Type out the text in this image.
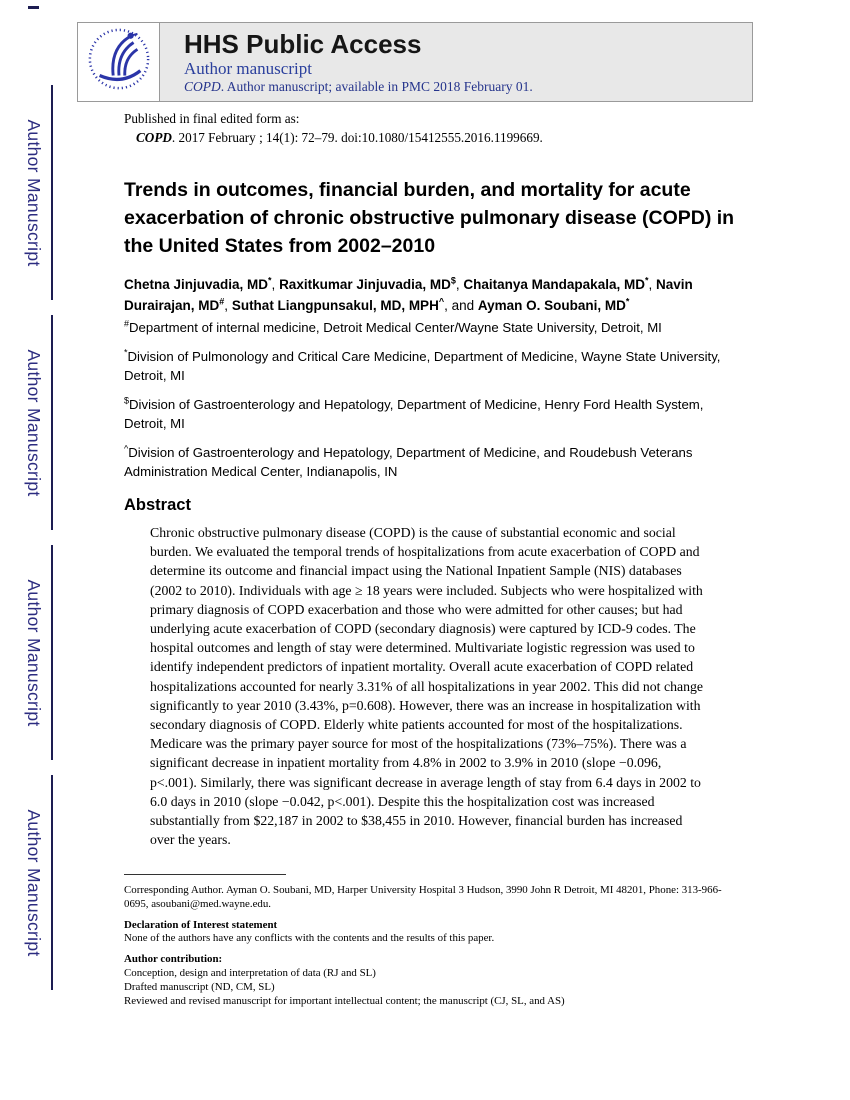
Author Manuscript
Author Manuscript
Author Manuscript
Author Manuscript
HHS Public Access
Author manuscript
COPD. Author manuscript; available in PMC 2018 February 01.
Published in final edited form as:
COPD. 2017 February ; 14(1): 72–79. doi:10.1080/15412555.2016.1199669.
Trends in outcomes, financial burden, and mortality for acute exacerbation of chronic obstructive pulmonary disease (COPD) in the United States from 2002–2010
Chetna Jinjuvadia, MD*, Raxitkumar Jinjuvadia, MD$, Chaitanya Mandapakala, MD*, Navin Durairajan, MD#, Suthat Liangpunsakul, MD, MPH^, and Ayman O. Soubani, MD*

#Department of internal medicine, Detroit Medical Center/Wayne State University, Detroit, MI

*Division of Pulmonology and Critical Care Medicine, Department of Medicine, Wayne State University, Detroit, MI

$Division of Gastroenterology and Hepatology, Department of Medicine, Henry Ford Health System, Detroit, MI

^Division of Gastroenterology and Hepatology, Department of Medicine, and Roudebush Veterans Administration Medical Center, Indianapolis, IN

Abstract
Chronic obstructive pulmonary disease (COPD) is the cause of substantial economic and social burden. We evaluated the temporal trends of hospitalizations from acute exacerbation of COPD and determine its outcome and financial impact using the National Inpatient Sample (NIS) databases (2002 to 2010). Individuals with age ≥ 18 years were included. Subjects who were hospitalized with primary diagnosis of COPD exacerbation and those who were admitted for other causes; but had underlying acute exacerbation of COPD (secondary diagnosis) were captured by ICD-9 codes. The hospital outcomes and length of stay were determined. Multivariate logistic regression was used to identify independent predictors of inpatient mortality. Overall acute exacerbation of COPD related hospitalizations accounted for nearly 3.31% of all hospitalizations in year 2002. This did not change significantly to year 2010 (3.43%, p=0.608). However, there was an increase in hospitalization with secondary diagnosis of COPD. Elderly white patients accounted for most of the hospitalizations. Medicare was the primary payer source for most of the hospitalizations (73%–75%). There was a significant decrease in inpatient mortality from 4.8% in 2002 to 3.9% in 2010 (slope −0.096, p<.001). Similarly, there was significant decrease in average length of stay from 6.4 days in 2002 to 6.0 days in 2010 (slope −0.042, p<.001). Despite this the hospitalization cost was increased substantially from $22,187 in 2002 to $38,455 in 2010. However, financial burden has increased over the years.
Corresponding Author. Ayman O. Soubani, MD, Harper University Hospital 3 Hudson, 3990 John R Detroit, MI 48201, Phone: 313-966-0695, asoubani@med.wayne.edu.
Declaration of Interest statement
None of the authors have any conflicts with the contents and the results of this paper.
Author contribution:
Conception, design and interpretation of data (RJ and SL)
Drafted manuscript (ND, CM, SL)
Reviewed and revised manuscript for important intellectual content; the manuscript (CJ, SL, and AS)
